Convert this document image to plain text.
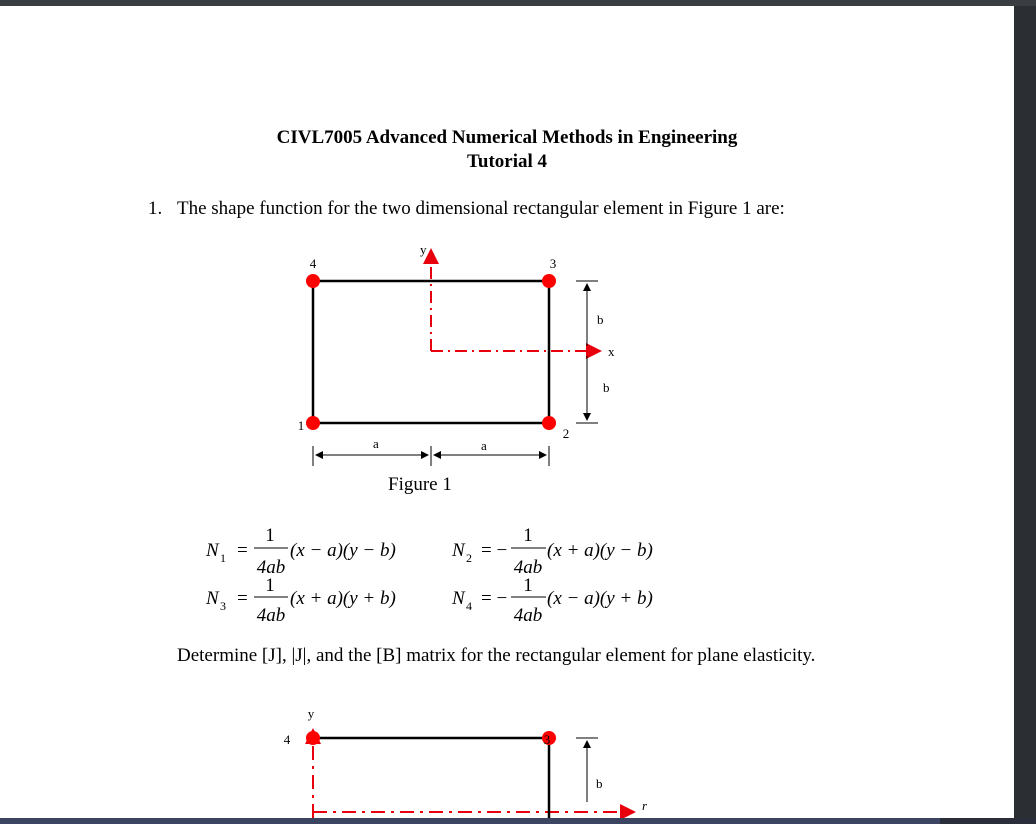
CIVL7005 Advanced Numerical Methods in Engineering
Tutorial 4
1. The shape function for the two dimensional rectangular element in Figure 1 are:
4	3
1
2
y
x
b
b
a	a
N 1 =
1
4ab
(x − a)(y − b)	N 2 = −
1
4ab
(x + a)(y − b)
N 3 =
1
4ab
(x + a)(y + b)	N 4 = −
1
4ab
(x − a)(y + b)
3
4
y
r
b
Figure 1
Determine [J], |J|, and the [B] matrix for the rectangular element for plane elasticity.
